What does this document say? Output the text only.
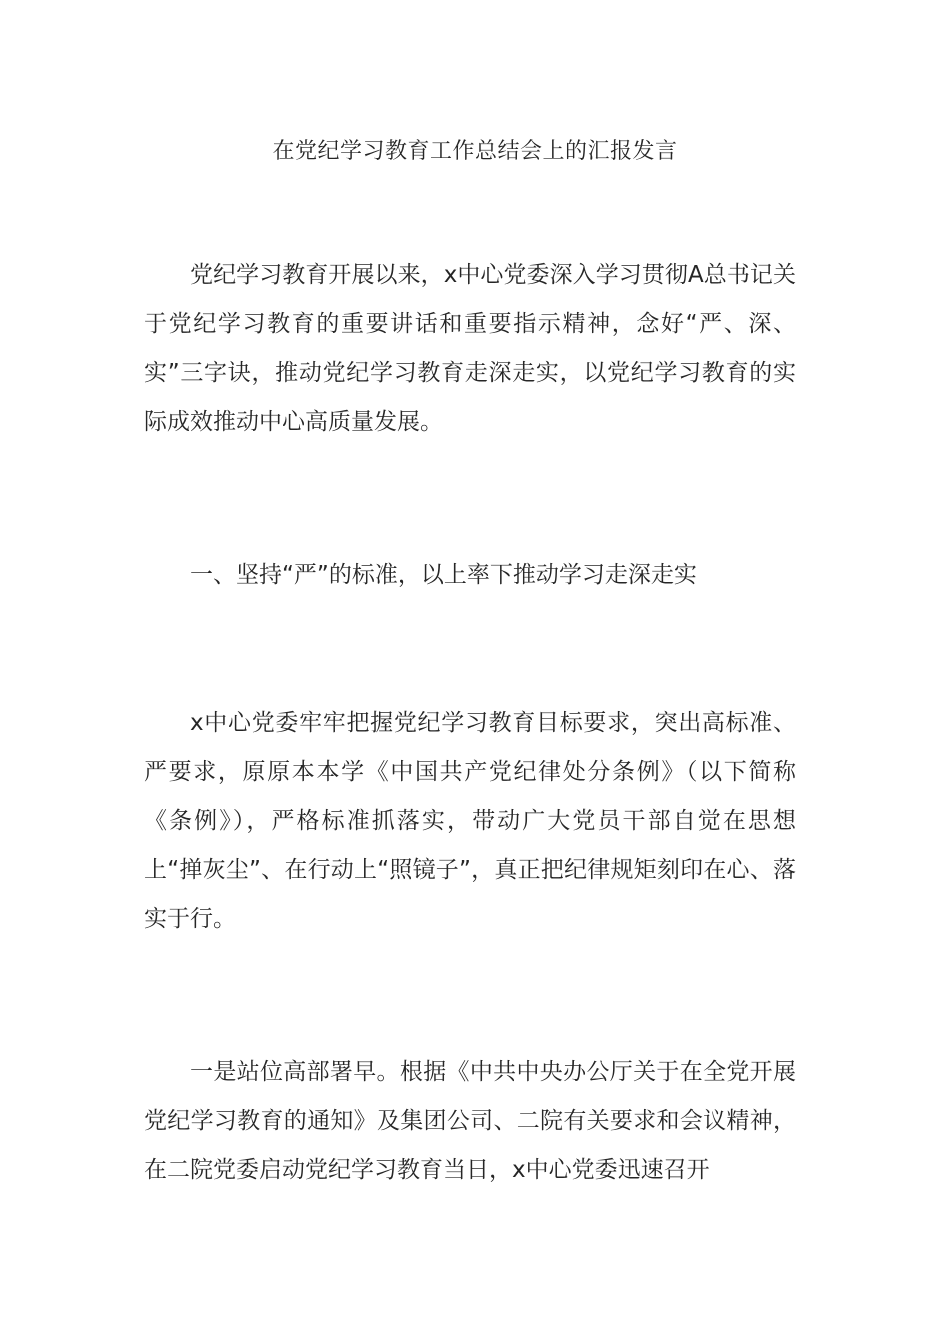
在党纪学习教育工作总结会上的汇报发言

党纪学习教育开展以来，x中心党委深入学习贯彻A总书记关于党纪学习教育的重要讲话和重要指示精神，念好“严、深、实”三字诀，推动党纪学习教育走深走实，以党纪学习教育的实际成效推动中心高质量发展。

一、坚持“严”的标准，以上率下推动学习走深走实

x中心党委牢牢把握党纪学习教育目标要求，突出高标准、严要求，原原本本学《中国共产党纪律处分条例》（以下简称《条例》），严格标准抓落实，带动广大党员干部自觉在思想上“掸灰尘”、在行动上“照镜子”，真正把纪律规矩刻印在心、落实于行。

一是站位高部署早。根据《中共中央办公厅关于在全党开展党纪学习教育的通知》及集团公司、二院有关要求和会议精神，在二院党委启动党纪学习教育当日，x中心党委迅速召开
